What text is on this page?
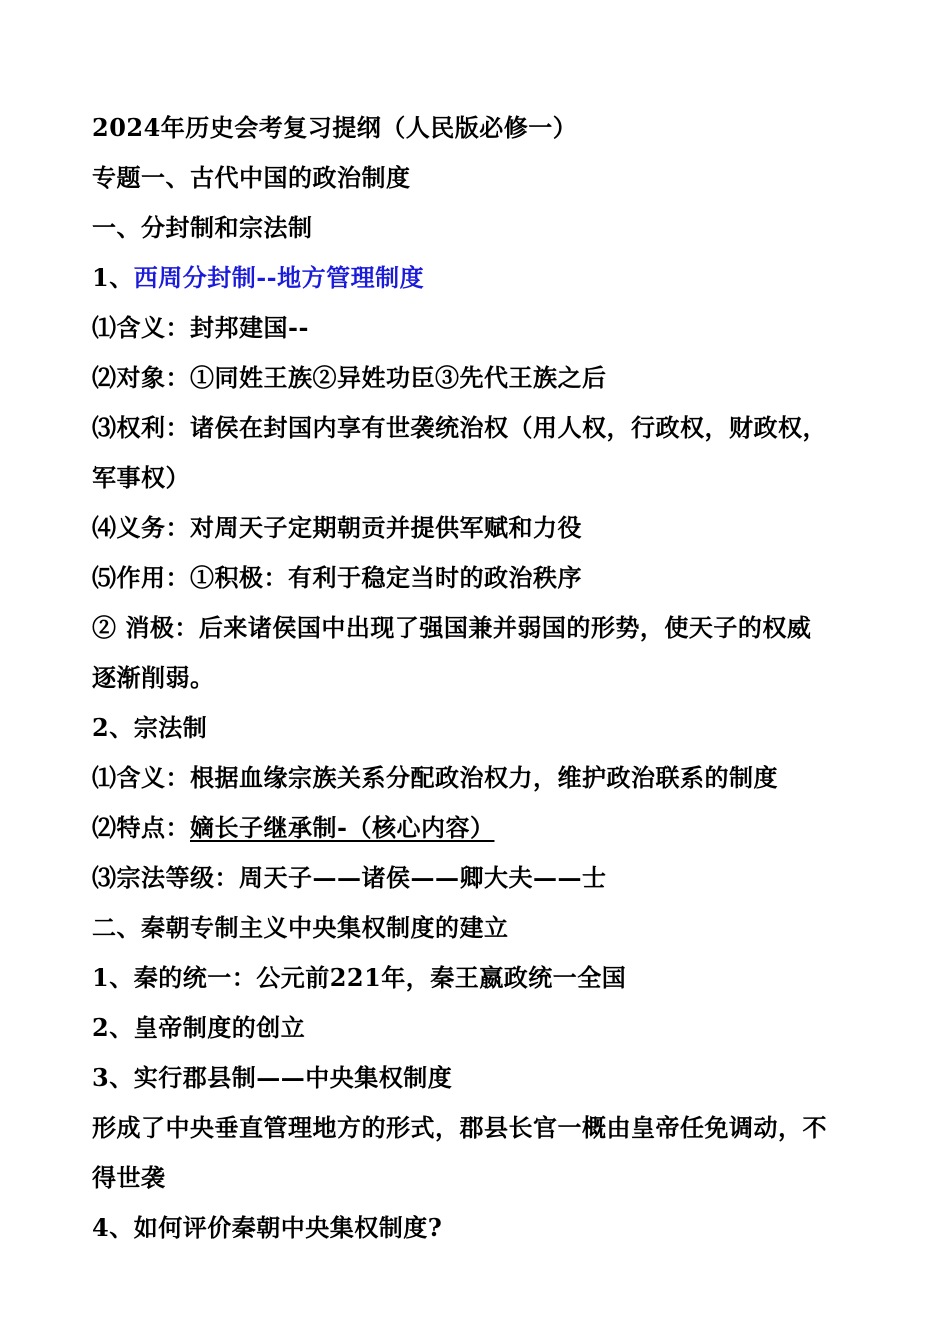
2024年历史会考复习提纲（人民版必修一）
专题一、古代中国的政治制度
一、分封制和宗法制
1、西周分封制--地方管理制度
⑴含义：封邦建国--
⑵对象：①同姓王族②异姓功臣③先代王族之后
⑶权利：诸侯在封国内享有世袭统治权（用人权，行政权，财政权，
军事权）
⑷义务：对周天子定期朝贡并提供军赋和力役
⑸作用：①积极：有利于稳定当时的政治秩序
② 消极：后来诸侯国中出现了强国兼并弱国的形势，使天子的权威
逐渐削弱。
2、宗法制
⑴含义：根据血缘宗族关系分配政治权力，维护政治联系的制度
⑵特点：嫡长子继承制-（核心内容）
⑶宗法等级：周天子——诸侯——卿大夫——士
二、秦朝专制主义中央集权制度的建立
1、秦的统一：公元前221年，秦王嬴政统一全国
2、皇帝制度的创立
3、实行郡县制——中央集权制度
形成了中央垂直管理地方的形式，郡县长官一概由皇帝任免调动，不
得世袭
4、如何评价秦朝中央集权制度?
